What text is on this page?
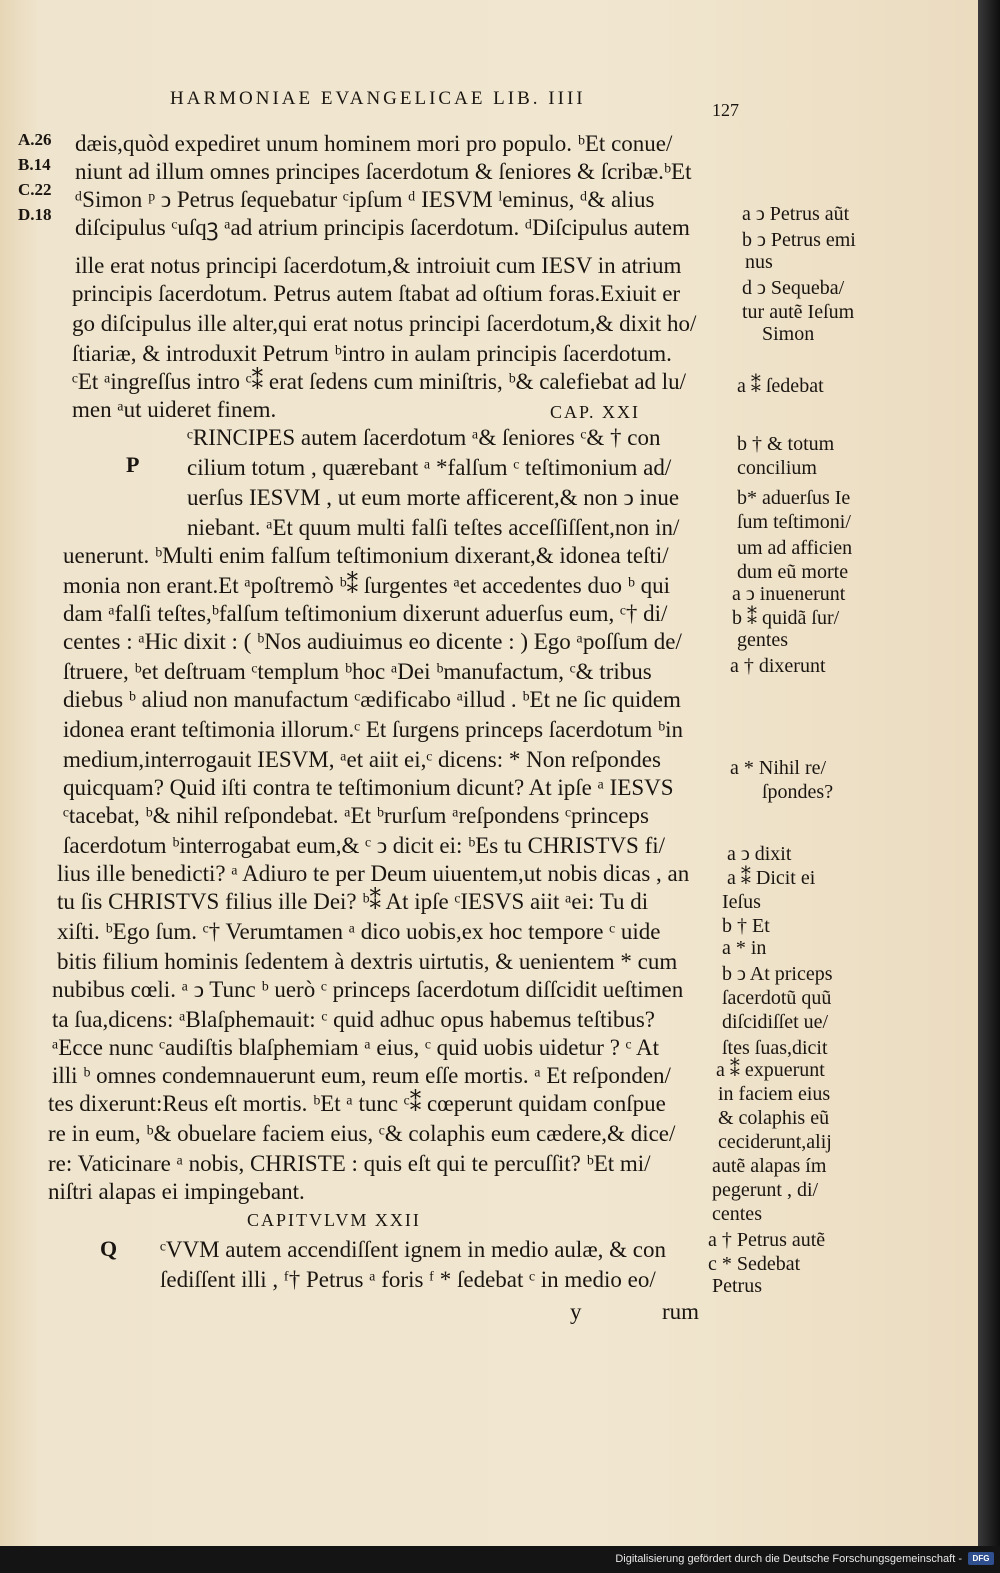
HARMONIAE EVANGELICAE LIB. IIII
127
A.26
B.14
C.22
D.18
dæis,quòd expediret unum hominem mori pro populo. ᵇEt conue/
niunt ad illum omnes principes ſacerdotum & ſeniores & ſcribæ.ᵇEt
ᵈSimon ᵖ ↄ Petrus ſequebatur ᶜipſum ᵈ IESVM ˡeminus, ᵈ& alius
diſcipulus ᶜuſqꝫ ᵃad atrium principis ſacerdotum. ᵈDiſcipulus autem
ille erat notus principi ſacerdotum,& introiuit cum IESV in atrium
principis ſacerdotum. Petrus autem ſtabat ad oſtium foras.Exiuit er
go diſcipulus ille alter,qui erat notus principi ſacerdotum,& dixit ho/
ſtiariæ, & introduxit Petrum ᵇintro in aulam principis ſacerdotum.
ᶜEt ᵃingreſſus intro ᶜ⁑ erat ſedens cum miniſtris, ᵇ& calefiebat ad lu/
men ᵃut uideret finem.	CAP. XXI
P
ᶜRINCIPES autem ſacerdotum ᵃ& ſeniores ᶜ& † con
cilium totum , quærebant ᵃ *falſum ᶜ teſtimonium ad/
uerſus IESVM , ut eum morte afficerent,& non ↄ inue
niebant. ᵃEt quum multi falſi teſtes acceſſiſſent,non in/
uenerunt. ᵇMulti enim falſum teſtimonium dixerant,& idonea teſti/
monia non erant.Et ᵃpoſtremò ᵇ⁑ ſurgentes ᵃet accedentes duo ᵇ qui
dam ᵃfalſi teſtes,ᵇfalſum teſtimonium dixerunt aduerſus eum, ᶜ† di/
centes : ᵃHic dixit : ( ᵇNos audiuimus eo dicente : ) Ego ᵃpoſſum de/
ſtruere, ᵇet deſtruam ᶜtemplum ᵇhoc ᵃDei ᵇmanufactum, ᶜ& tribus
diebus ᵇ aliud non manufactum ᶜædificabo ᵃillud . ᵇEt ne ſic quidem
idonea erant teſtimonia illorum.ᶜ Et ſurgens princeps ſacerdotum ᵇin
medium,interrogauit IESVM, ᵃet aiit ei,ᶜ dicens: * Non reſpondes
quicquam? Quid iſti contra te teſtimonium dicunt? At ipſe ᵃ IESVS
ᶜtacebat, ᵇ& nihil reſpondebat. ᵃEt ᵇrurſum ᵃreſpondens ᶜprinceps
ſacerdotum ᵇinterrogabat eum,& ᶜ ↄ dicit ei: ᵇEs tu CHRISTVS fi/
lius ille benedicti? ᵃ Adiuro te per Deum uiuentem,ut nobis dicas , an
tu ſis CHRISTVS filius ille Dei? ᵇ⁑ At ipſe ᶜIESVS aiit ᵃei: Tu di
xiſti. ᵇEgo ſum. ᶜ† Verumtamen ᵃ dico uobis,ex hoc tempore ᶜ uide
bitis filium hominis ſedentem à dextris uirtutis, & uenientem * cum
nubibus cœli. ᵃ ↄ Tunc ᵇ uerò ᶜ princeps ſacerdotum diſſcidit ueſtimen
ta ſua,dicens: ᵃBlaſphemauit: ᶜ quid adhuc opus habemus teſtibus?
ᵃEcce nunc ᶜaudiſtis blaſphemiam ᵃ eius, ᶜ quid uobis uidetur ? ᶜ At
illi ᵇ omnes condemnauerunt eum, reum eſſe mortis. ᵃ Et reſponden/
tes dixerunt:Reus eſt mortis. ᵇEt ᵃ tunc ᶜ⁑ cœperunt quidam conſpue
re in eum, ᵇ& obuelare faciem eius, ᶜ& colaphis eum cædere,& dice/
re: Vaticinare ᵃ nobis, CHRISTE : quis eſt qui te percuſſit? ᵇEt mi/
niſtri alapas ei impingebant.
CAPITVLVM XXII
Q ᶜVVM autem accendiſſent ignem in medio aulæ, & con
ſediſſent illi , ᶠ† Petrus ᵃ foris ᶠ * ſedebat ᶜ in medio eo/
y	rum
a ↄ Petrus aũt
b ↄ Petrus emi
nus
d ↄ Sequeba/
tur autẽ Ieſum
Simon
a ⁑ ſedebat
b † & totum
concilium
b* aduerſus Ie
ſum teſtimoni/
um ad afficien
dum eũ morte
a ↄ inuenerunt
b ⁑ quidã ſur/
gentes
a † dixerunt
a * Nihil re/
ſpondes?
a ↄ dixit
a ⁑ Dicit ei
Ieſus
b † Et
a * in
b ↄ At priceps
ſacerdotũ quũ
diſcidiſſet ue/
ſtes ſuas,dicit
a ⁑ expuerunt
in faciem eius
& colaphis eũ
ceciderunt,alij
autẽ alapas ím
pegerunt , di/
centes
a † Petrus autẽ
c * Sedebat
Petrus
Digitalisierung gefördert durch die Deutsche Forschungsgemeinschaft -	DFG
